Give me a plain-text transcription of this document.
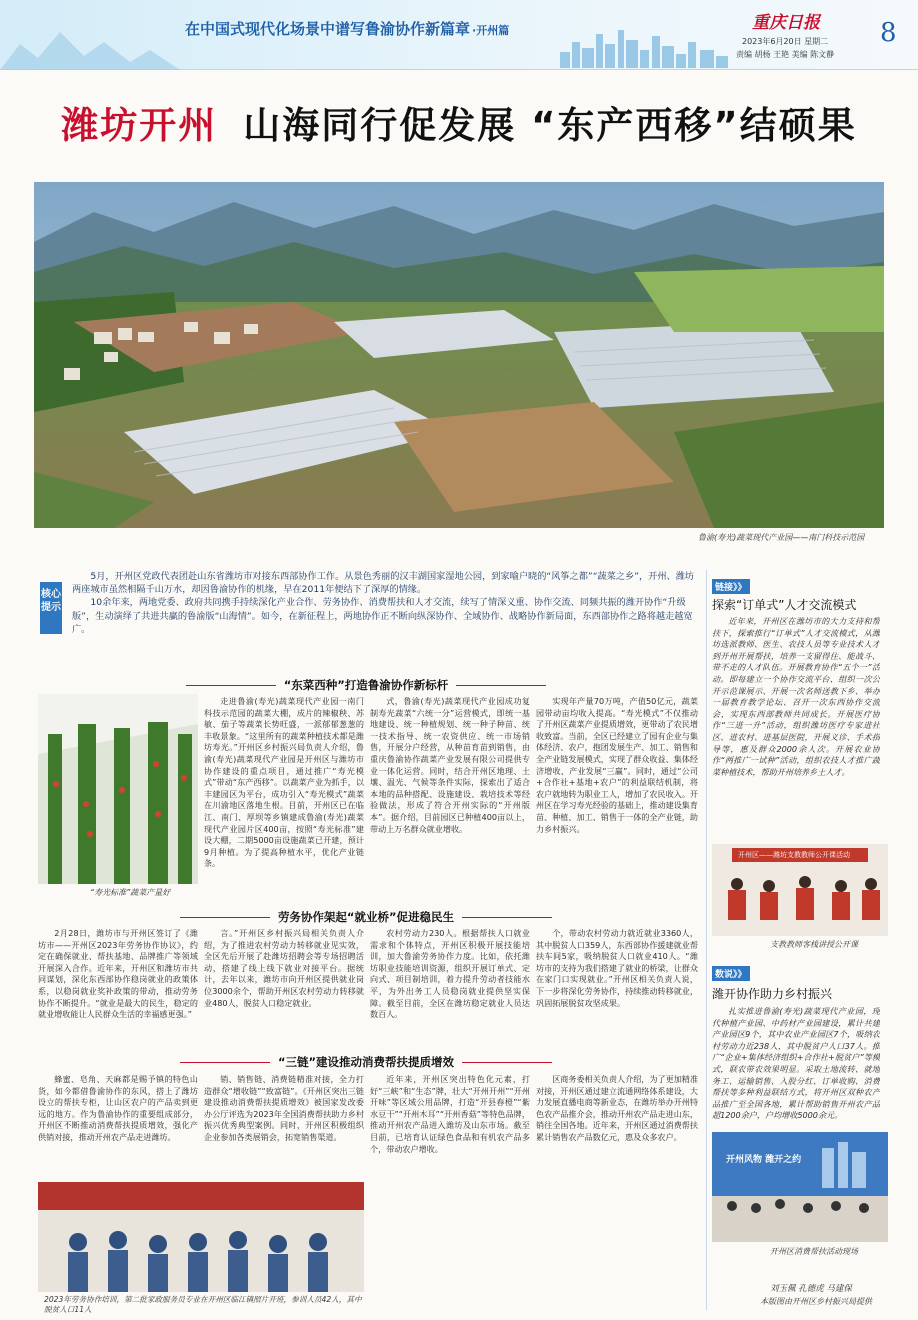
在中国式现代化场景中谱写鲁渝协作新篇章 ·开州篇	重庆日报
2023年6月20日 星期二
责编 胡杨 王艳 美编 陈文静
8
潍坊开州 山海同行促发展 “东产西移”结硕果
鲁渝(寿光)蔬菜现代产业园——南门科技示范园
核心提示

5月，开州区党政代表团赴山东省潍坊市对接东西部协作工作。从景色秀丽的汉丰湖国家湿地公园，到家喻户晓的“风筝之都”“蔬菜之乡”，开州、潍坊两座城市虽然相隔千山万水，却因鲁渝协作的机缘，早在2011年便结下了深厚的情缘。

10余年来，两地党委、政府共同携手持续深化产业合作、劳务协作、消费帮扶和人才交流，续写了情深义重、协作交流、同频共振的潍开协作“升级版”，生动演绎了共进共赢的鲁渝版“山海情”。如今，在新征程上，两地协作正不断向纵深协作、全域协作、战略协作新局面，东西部协作之路将越走越宽广。

“东菜西种”打造鲁渝协作新标杆
“寿光标准”蔬菜产量好

走进鲁渝(寿光)蔬菜现代产业园一南门科技示范园的蔬菜大棚，成片的辣椒秧、苏敏、茄子等蔬菜长势旺盛，一派郁郁葱葱的丰收景象。“这里所有的蔬菜种植技术都是潍坊寿光。”开州区乡村振兴局负责人介绍，鲁渝(寿光)蔬菜现代产业园是开州区与潍坊市协作建设的重点项目，通过推广“寿光模式”带动“东产西移”。以蔬菜产业为抓手，以丰建园区为平台，成功引入“寿光模式”蔬菜在川渝地区落地生根。目前，开州区已在临江、南门、厚坝等乡镇建成鲁渝(寿光)蔬菜现代产业园片区400亩，按照“寿光标准”建设大棚，二期5000亩设施蔬菜已开建，预计9月种植。为了提高种植水平，优化产业链条。

式，鲁渝(寿光)蔬菜现代产业园成功复制寿光蔬菜“六统一分”运营模式，即统一基地建设、统一种植规划、统一种子种苗、统一技术指导、统一农资供应、统一市场销售，开展分户经营，从种苗育苗到销售，由重庆鲁渝协作蔬菜产业发展有限公司提供专业一体化运营。同时，结合开州区地理、土壤、温光、气候等条件实际，探索出了适合本地的品种搭配、设施建设、栽培技术等经验做法，形成了符合开州实际的“开州版本”。据介绍，目前园区已种植400亩以上，带动上万名群众就业增收。

实现年产量70万吨，产值50亿元，蔬菜园带动亩均收入提高。“寿光模式”不仅推动了开州区蔬菜产业提质增效，更带动了农民增收致富。当前，全区已经建立了园有企业与集体经济、农户，抱团发展生产、加工、销售和全产业链发展模式，实现了群众收益、集体经济增收、产业发展“三赢”。同时，通过“公司+合作社+基地+农户”的利益联结机制，将农户就地转为职业工人，增加了农民收入。开州区在学习寿光经验的基础上，推动建设集育苗、种植、加工、销售于一体的全产业链，助力乡村振兴。

劳务协作架起“就业桥”促进稳民生

2月28日，潍坊市与开州区签订了《潍坊市——开州区2023年劳务协作协议》，约定在确保就业、帮扶基地、品牌推广等领域开展深入合作。近年来，开州区和潍坊市共同谋划，深化东西部协作稳岗就业的政策体系，以稳岗就业奖补政策的带动，推动劳务协作不断提升。“就业是最大的民生，稳定的就业增收能让人民群众生活的幸福感更强。”

言。”开州区乡村振兴局相关负责人介绍，为了推进农村劳动力转移就业见实效，全区先后开展了赴潍坊招聘会等专场招聘活动，搭建了线上线下就业对接平台。据统计，去年以来，潍坊市向开州区提供就业岗位3000余个，帮助开州区农村劳动力转移就业480人，脱贫人口稳定就业。

农村劳动力230人。根据帮扶人口就业需求和个体特点，开州区积极开展技能培训，加大鲁渝劳务协作力度。比如，依托潍坊职业技能培训资源，组织开展订单式、定向式、项目制培训，着力提升劳动者技能水平，为外出务工人员稳岗就业提供坚实保障。截至目前，全区在潍坊稳定就业人员达数百人。

个，带动农村劳动力就近就业3360人，其中脱贫人口359人，东西部协作援建就业帮扶车间5家，吸纳脱贫人口就业410人。“潍坊市的支持为我们搭建了就业的桥梁，让群众在家门口实现就业。”开州区相关负责人说，下一步将深化劳务协作，持续推动转移就业，巩固拓展脱贫攻坚成果。

“三链”建设推动消费帮扶提质增效

蜂蜜、皂角、天麻都是赐予镇的特色山货，如今都借鲁渝协作的东风，搭上了潍坊设立的帮扶专柜，让山区农户的产品卖到更远的地方。作为鲁渝协作的重要组成部分，开州区不断推动消费帮扶提质增效，强化产供销对接，推动开州农产品走进潍坊。

销、销售链、消费链精准对接，全力打造群众“增收链”“致富链”。《开州区突出三链建设推动消费帮扶提质增效》被国家发改委办公厅评选为2023年全国消费帮扶助力乡村振兴优秀典型案例。同时，开州区积极组织企业参加各类展销会，拓宽销售渠道。

近年来，开州区突出特色化元素，打好“三峡”和“生态”牌，壮大“开州开州”“开州开味”等区域公用品牌，打造“开县春橙”“紫水豆干”“开州木耳”“开州香菇”等特色品牌，推动开州农产品进入潍坊及山东市场。截至目前，已培育认证绿色食品和有机农产品多个，带动农户增收。

区商务委相关负责人介绍，为了更加精准对接，开州区通过建立流通网络体系建设，大力发展直播电商等新业态，在潍坊举办开州特色农产品推介会，推动开州农产品走进山东，销往全国各地。近年来，开州区通过消费帮扶累计销售农产品数亿元，惠及众多农户。

2023年劳务协作培训，第二批家政服务员专业在开州区临江镇照片开班，参训人员42人，其中脱贫人口11人
链接》》
探索“订单式”人才交流模式

近年来，开州区在潍坊市的大力支持和帮扶下，探索推行“订单式”人才交流模式，从潍坊选派教师、医生、农技人员等专业技术人才到开州开展帮扶，培养一支留得住、能战斗、带不走的人才队伍。开展教育协作“五个一”活动。即每建立一个协作交流平台、组织一次公开示范课展示、开展一次名师送教下乡、举办一届教育教学论坛、召开一次东西协作交流会，实现东西部教师共同成长。开展医疗协作“三进一升”活动，组织潍坊医疗专家进社区、进农村、进基层医院，开展义诊、手术指导等，惠及群众2000余人次。开展农业协作“两推广一试种”活动，组织农技人才推广蔬菜种植技术，帮助开州培养乡土人才。

开州区——潍坊支教教师公开课活动
支教教师客栈讲授公开课
数说》》
潍开协作助力乡村振兴

扎实推进鲁渝(寿光)蔬菜现代产业园，现代种植产业园、中药材产业园建设，累计共建产业园区9个，其中农业产业园区7个，吸纳农村劳动力近238人，其中脱贫户人口37人。推广“企业+集体经济组织+合作社+脱贫户”等模式，联农带农效果明显。采取土地流转、就地务工、运输销售、入股分红、订单收购、消费帮扶等多种利益联结方式，将开州区双种农产品推广至全国各地，累计帮助销售开州农产品超1200余户，户均增收5000余元。

开州风物 潍开之约
开州区消费帮扶活动现场
刘玉佩 孔德虎 马建保
本版图由开州区乡村振兴局提供
